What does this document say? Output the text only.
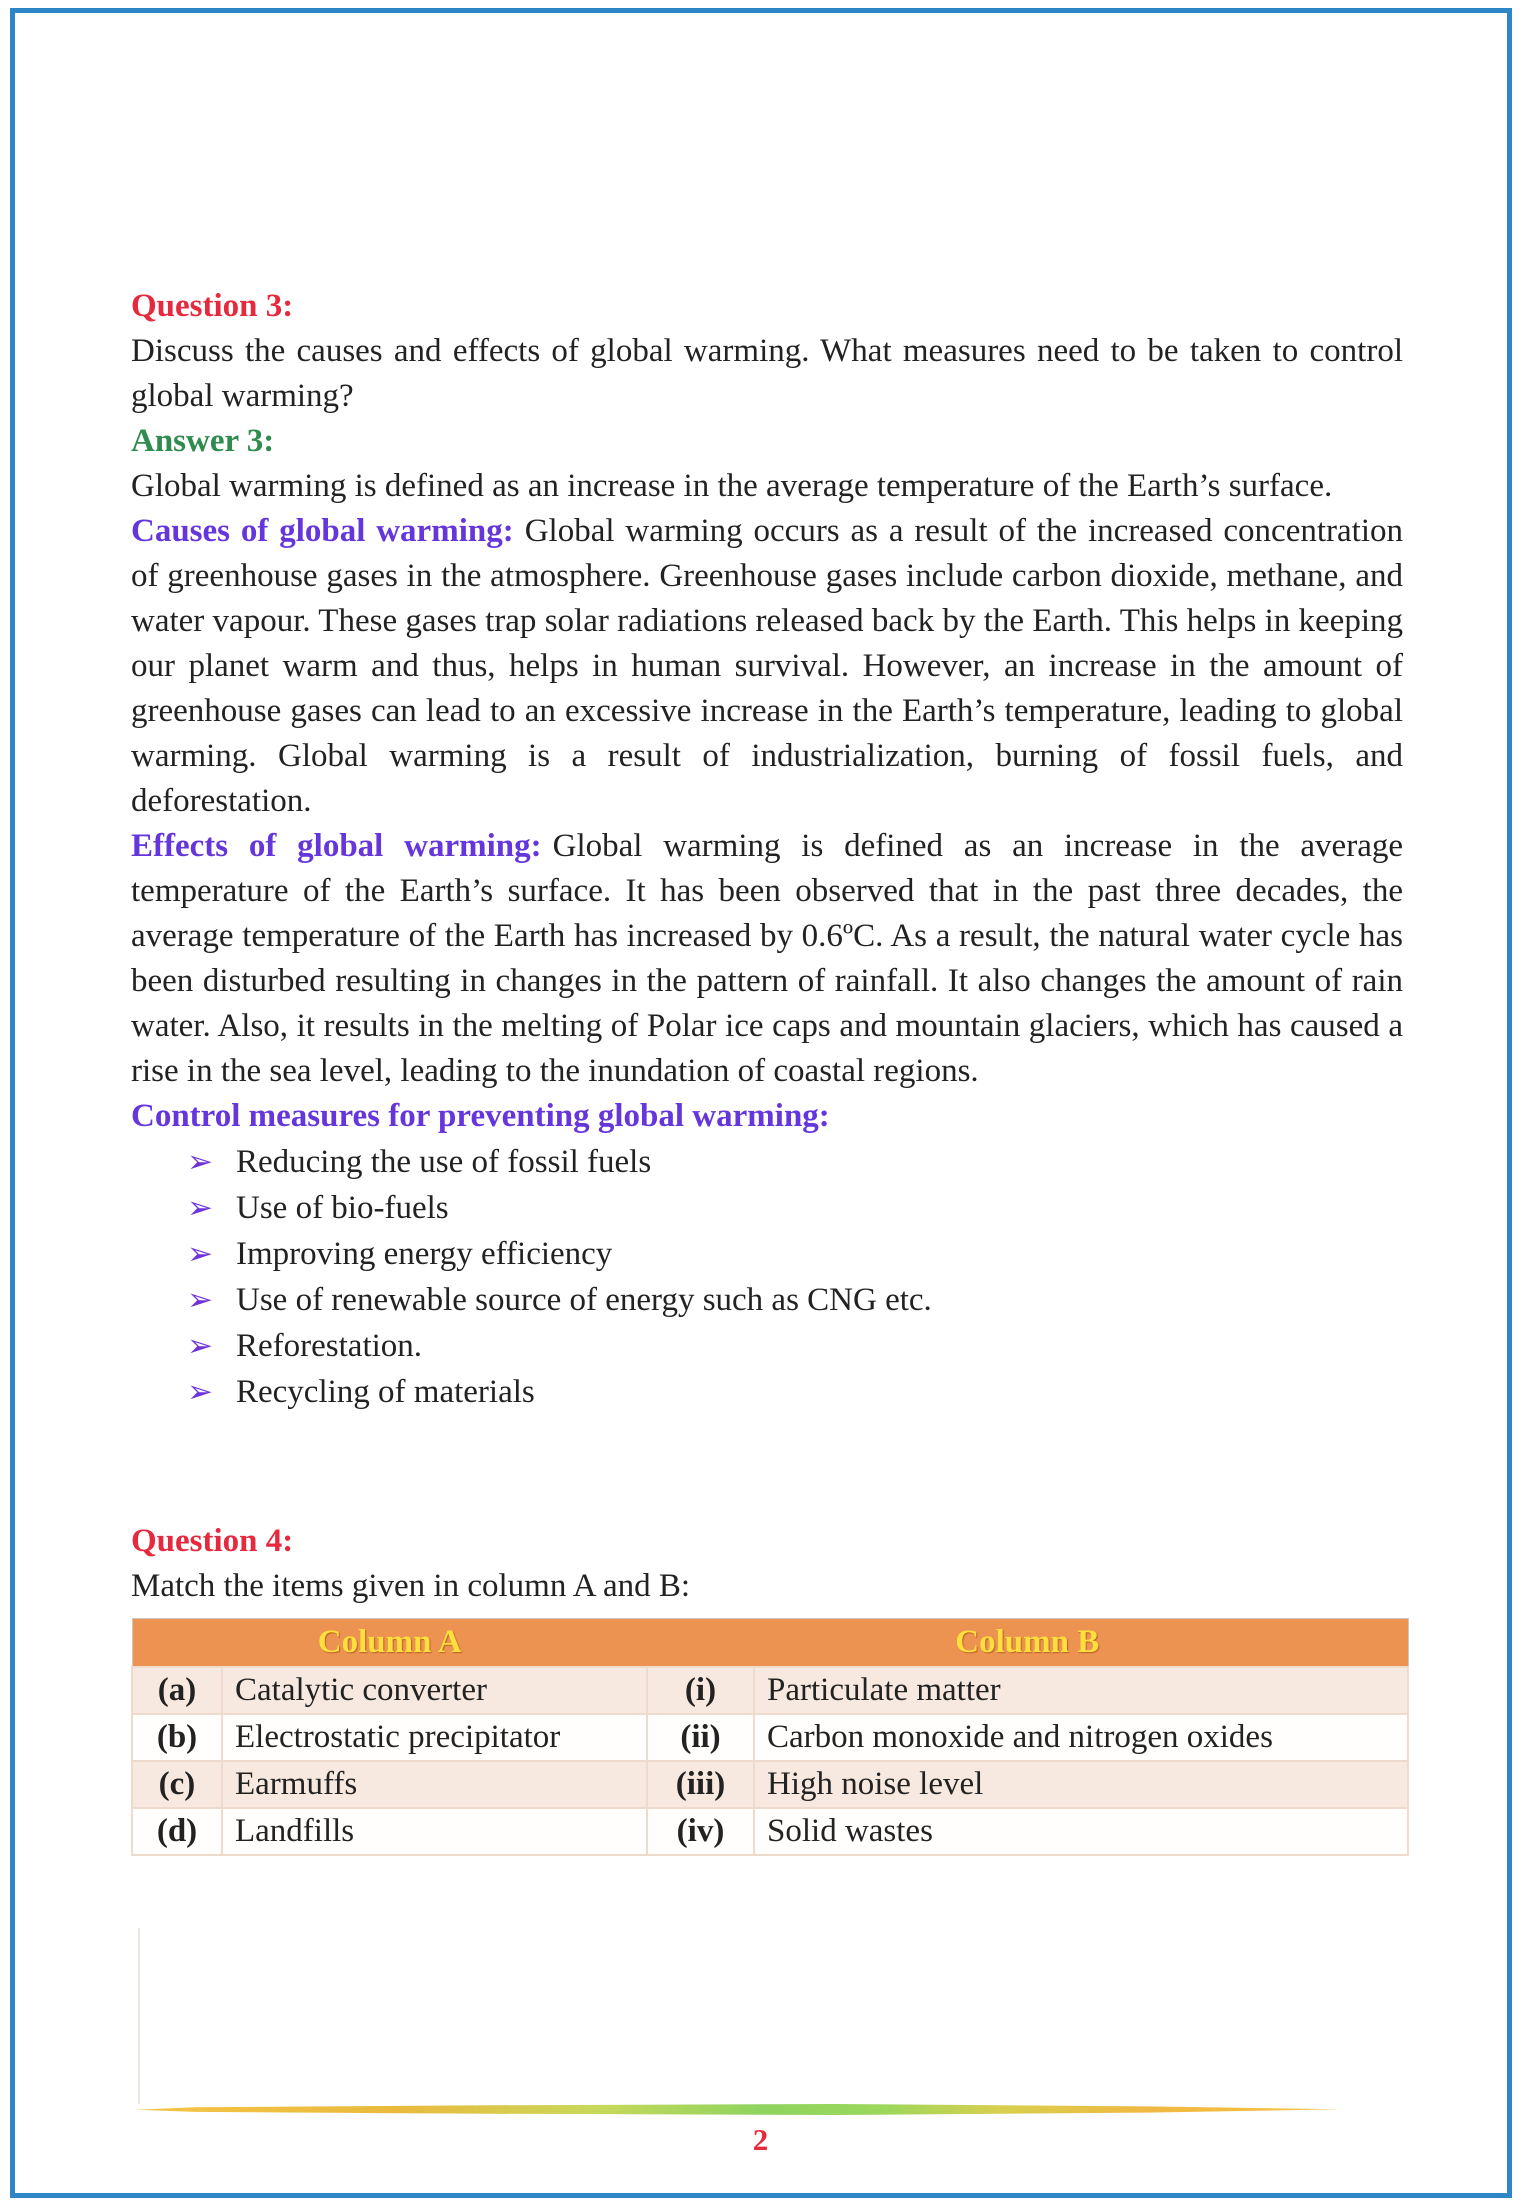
Question 3:

Discuss the causes and effects of global warming. What measures need to be taken to control global warming?

Answer 3:

Global warming is defined as an increase in the average temperature of the Earth’s surface.

Causes of global warming: Global warming occurs as a result of the increased concentration of greenhouse gases in the atmosphere. Greenhouse gases include carbon dioxide, methane, and water vapour. These gases trap solar radiations released back by the Earth. This helps in keeping our planet warm and thus, helps in human survival. However, an increase in the amount of greenhouse gases can lead to an excessive increase in the Earth’s temperature, leading to global warming. Global warming is a result of industrialization, burning of fossil fuels, and deforestation.

Effects of global warming: Global warming is defined as an increase in the average temperature of the Earth’s surface. It has been observed that in the past three decades, the average temperature of the Earth has increased by 0.6ºC. As a result, the natural water cycle has been disturbed resulting in changes in the pattern of rainfall. It also changes the amount of rain water. Also, it results in the melting of Polar ice caps and mountain glaciers, which has caused a rise in the sea level, leading to the inundation of coastal regions.

Control measures for preventing global warming:
➢ Reducing the use of fossil fuels
➢ Use of bio-fuels
➢ Improving energy efficiency
➢ Use of renewable source of energy such as CNG etc.
➢ Reforestation.
➢ Recycling of materials
Question 4:
Match the items given in column A and B:
Column A		Column B	
(a)	Catalytic converter	(i)	Particulate matter
(b)	Electrostatic precipitator	(ii)	Carbon monoxide and nitrogen oxides
(c)	Earmuffs	(iii)	High noise level
(d)	Landfills	(iv)	Solid wastes
2
